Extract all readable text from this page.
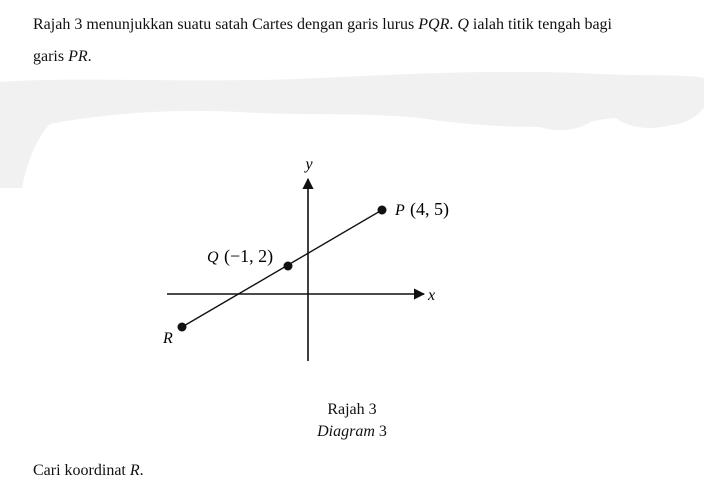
Rajah 3 menunjukkan suatu satah Cartes dengan garis lurus PQR. Q ialah titik tengah bagi
garis PR.
y
x
P (4, 5)
Q (−1, 2)
R
Rajah 3
Diagram 3
Cari koordinat R.
